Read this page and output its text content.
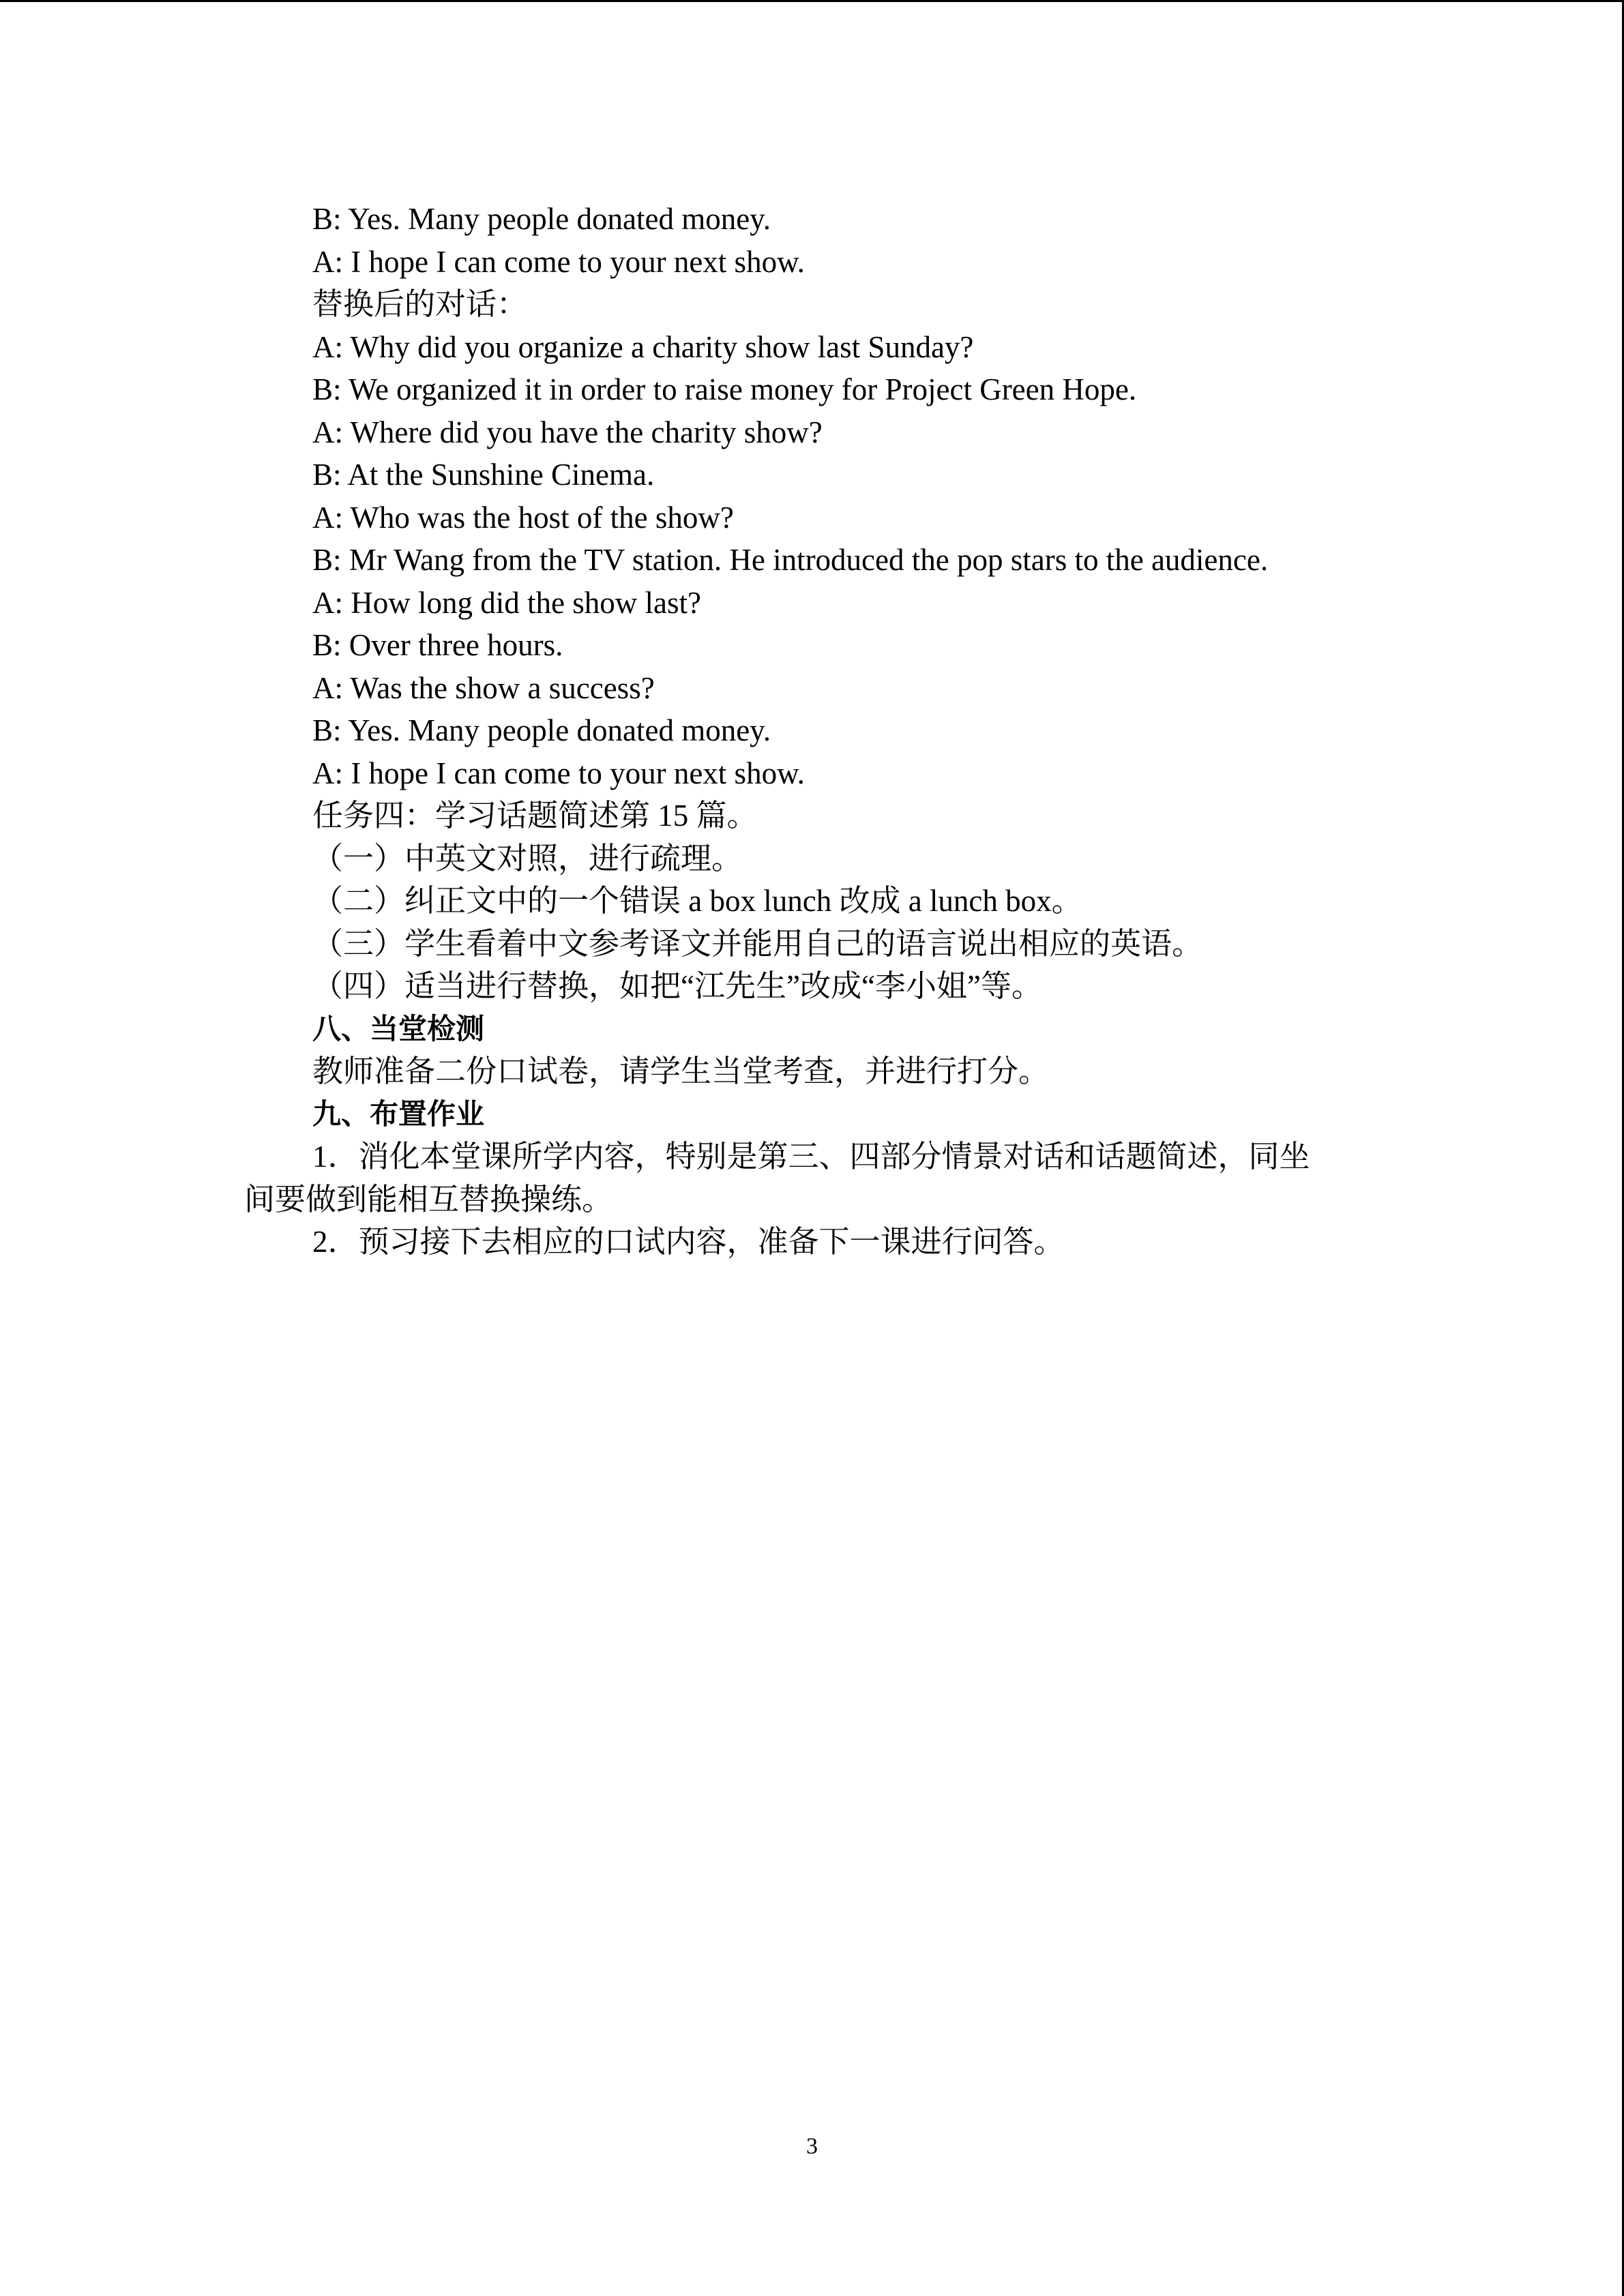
B: Yes. Many people donated money.
A: I hope I can come to your next show.
替换后的对话：
A: Why did you organize a charity show last Sunday?
B: We organized it in order to raise money for Project Green Hope.
A: Where did you have the charity show?
B: At the Sunshine Cinema.
A: Who was the host of the show?
B: Mr Wang from the TV station. He introduced the pop stars to the audience.
A: How long did the show last?
B: Over three hours.
A: Was the show a success?
B: Yes. Many people donated money.
A: I hope I can come to your next show.
任务四：学习话题简述第 15 篇。
（一）中英文对照，进行疏理。
（二）纠正文中的一个错误 a box lunch 改成 a lunch box。
（三）学生看着中文参考译文并能用自己的语言说出相应的英语。
（四）适当进行替换，如把“江先生”改成“李小姐”等。
八、当堂检测
教师准备二份口试卷，请学生当堂考查，并进行打分。
九、布置作业
1．消化本堂课所学内容，特别是第三、四部分情景对话和话题简述，同坐
间要做到能相互替换操练。
2．预习接下去相应的口试内容，准备下一课进行问答。
3
